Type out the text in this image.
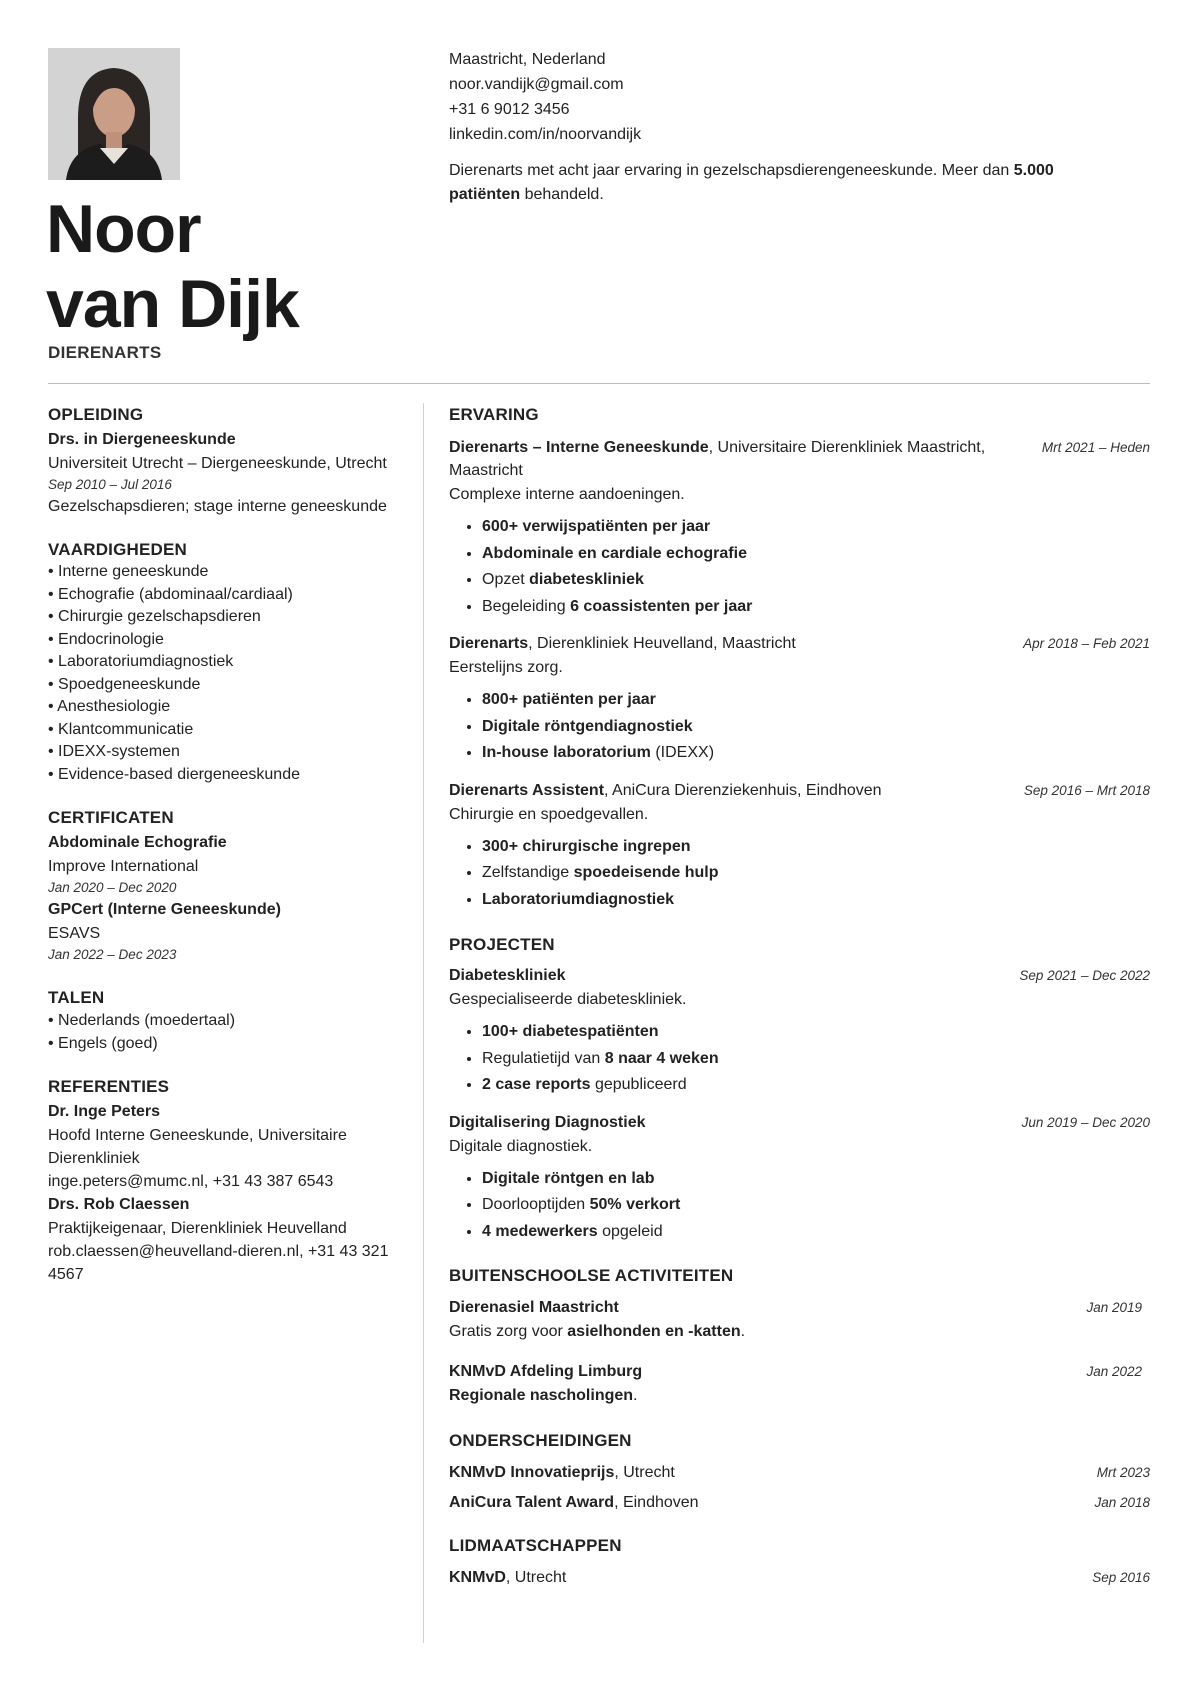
Noor
van Dijk
DIERENARTS
Maastricht, Nederland
noor.vandijk@gmail.com
+31 6 9012 3456
linkedin.com/in/noorvandijk
Dierenarts met acht jaar ervaring in gezelschapsdierengeneeskunde. Meer dan 5.000 patiënten behandeld.
OPLEIDING
Drs. in Diergeneeskunde
Universiteit Utrecht – Diergeneeskunde, Utrecht
Sep 2010 – Jul 2016
Gezelschapsdieren; stage interne geneeskunde
VAARDIGHEDEN
• Interne geneeskunde
• Echografie (abdominaal/cardiaal)
• Chirurgie gezelschapsdieren
• Endocrinologie
• Laboratoriumdiagnostiek
• Spoedgeneeskunde
• Anesthesiologie
• Klantcommunicatie
• IDEXX-systemen
• Evidence-based diergeneeskunde
CERTIFICATEN
Abdominale Echografie
Improve International
Jan 2020 – Dec 2020
GPCert (Interne Geneeskunde)
ESAVS
Jan 2022 – Dec 2023
TALEN
• Nederlands (moedertaal)
• Engels (goed)
REFERENTIES
Dr. Inge Peters
Hoofd Interne Geneeskunde, Universitaire Dierenkliniek
inge.peters@mumc.nl, +31 43 387 6543
Drs. Rob Claessen
Praktijkeigenaar, Dierenkliniek Heuvelland
rob.claessen@heuvelland-dieren.nl, +31 43 321 4567
ERVARING
Dierenarts – Interne Geneeskunde, Universitaire Dierenkliniek Maastricht, Maastricht
Mrt 2021 – Heden
Complexe interne aandoeningen.
• 600+ verwijspatiënten per jaar
• Abdominale en cardiale echografie
• Opzet diabeteskliniek
• Begeleiding 6 coassistenten per jaar
Dierenarts, Dierenkliniek Heuvelland, Maastricht	Apr 2018 – Feb 2021
Eerstelijns zorg.
• 800+ patiënten per jaar
• Digitale röntgendiagnostiek
• In-house laboratorium (IDEXX)
Dierenarts Assistent, AniCura Dierenziekenhuis, Eindhoven	Sep 2016 – Mrt 2018
Chirurgie en spoedgevallen.
• 300+ chirurgische ingrepen
• Zelfstandige spoedeisende hulp
• Laboratoriumdiagnostiek
PROJECTEN
Diabeteskliniek	Sep 2021 – Dec 2022
Gespecialiseerde diabeteskliniek.
• 100+ diabetespatiënten
• Regulatietijd van 8 naar 4 weken
• 2 case reports gepubliceerd
Digitalisering Diagnostiek	Jun 2019 – Dec 2020
Digitale diagnostiek.
• Digitale röntgen en lab
• Doorlooptijden 50% verkort
• 4 medewerkers opgeleid
BUITENSCHOOLSE ACTIVITEITEN
Dierenasiel Maastricht	Jan 2019
Gratis zorg voor asielhonden en -katten.
KNMvD Afdeling Limburg	Jan 2022
Regionale nascholingen.
ONDERSCHEIDINGEN
KNMvD Innovatieprijs, Utrecht	Mrt 2023
AniCura Talent Award, Eindhoven	Jan 2018
LIDMAATSCHAPPEN
KNMvD, Utrecht	Sep 2016
